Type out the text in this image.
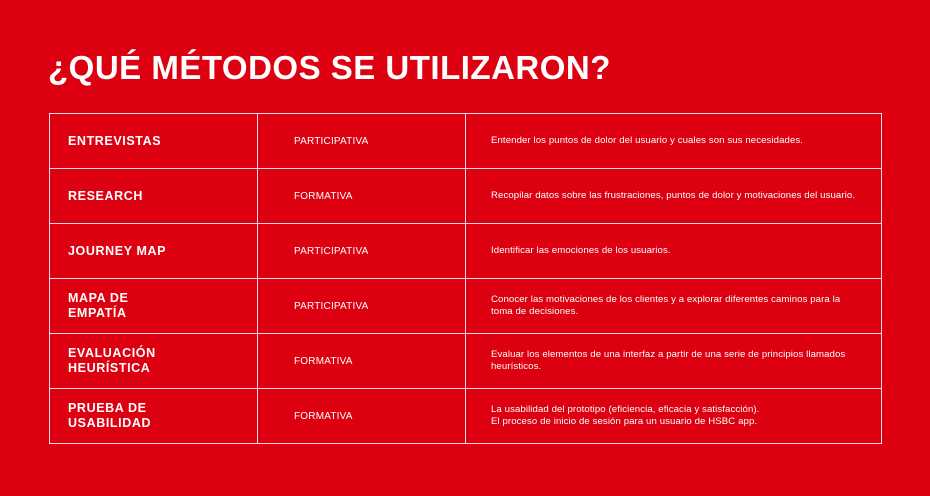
¿QUÉ MÉTODOS SE UTILIZARON?
ENTREVISTAS	PARTICIPATIVA	Entender los puntos de dolor del usuario y cuales son sus necesidades.

RESEARCH	FORMATIVA	Recopilar datos sobre las frustraciones, puntos de dolor y motivaciones del usuario.

JOURNEY MAP	PARTICIPATIVA	Identificar las emociones de los usuarios.

MAPA DE
EMPATÍA	PARTICIPATIVA	Conocer las motivaciones de los clientes y a explorar diferentes caminos para la
toma de decisiones.

EVALUACIÓN
HEURÍSTICA	FORMATIVA	Evaluar los elementos de una interfaz a partir de una serie de principios llamados
heurísticos.

PRUEBA DE
USABILIDAD	FORMATIVA	La usabilidad del prototipo (eficiencia, eficacia y satisfacción).
El proceso de inicio de sesión para un usuario de HSBC app.
